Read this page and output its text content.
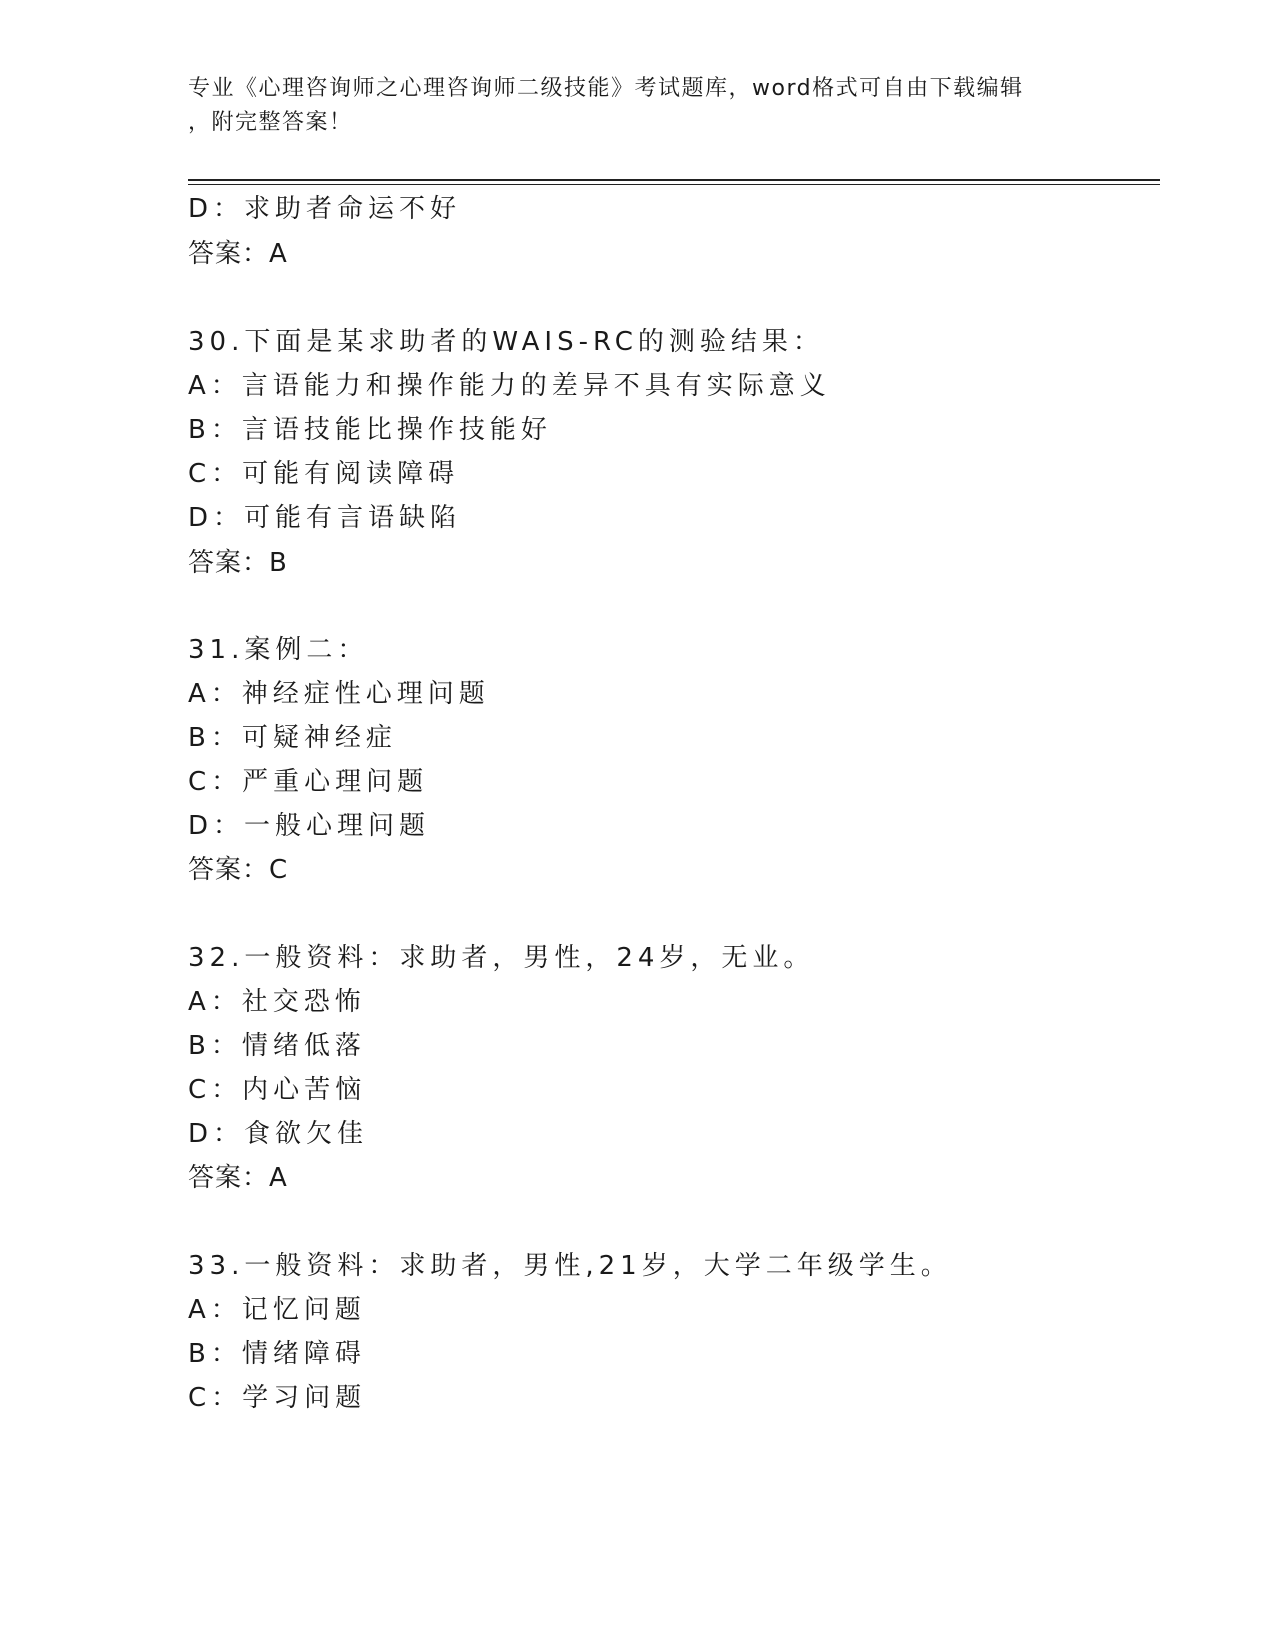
专业《心理咨询师之心理咨询师二级技能》考试题库，word格式可自由下载编辑
，附完整答案！
D：求助者命运不好
答案：A
30.下面是某求助者的WAIS-RC的测验结果：
A：言语能力和操作能力的差异不具有实际意义
B：言语技能比操作技能好
C：可能有阅读障碍
D：可能有言语缺陷
答案：B
31.案例二：
A：神经症性心理问题
B：可疑神经症
C：严重心理问题
D：一般心理问题
答案：C
32.一般资料：求助者，男性，24岁，无业。
A：社交恐怖
B：情绪低落
C：内心苦恼
D：食欲欠佳
答案：A
33.一般资料：求助者，男性,21岁，大学二年级学生。
A：记忆问题
B：情绪障碍
C：学习问题
